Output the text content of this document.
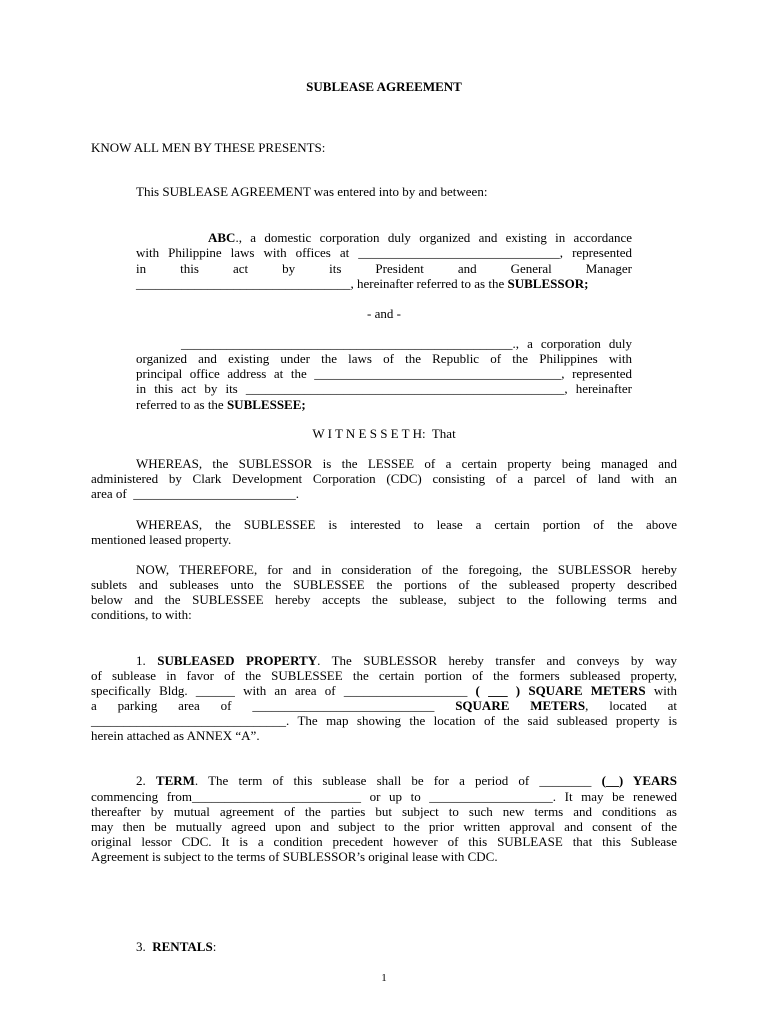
SUBLEASE AGREEMENT
KNOW ALL MEN BY THESE PRESENTS:
This SUBLEASE AGREEMENT was entered into by and between:
ABC., a domestic corporation duly organized and existing in accordance
with Philippine laws with offices at _______________________________, represented
in this act by its President and General Manager
_________________________________, hereinafter referred to as the SUBLESSOR;
- and -
___________________________________________________., a corporation duly
organized and existing under the laws of the Republic of the Philippines with
principal office address at the ______________________________________, represented
in this act by its _________________________________________________, hereinafter
referred to as the SUBLESSEE;
W I T N E S S E T H:  That
WHEREAS, the SUBLESSOR is the LESSEE of a certain property being managed and
administered by Clark Development Corporation (CDC) consisting of a parcel of land with an
area of  _________________________.
WHEREAS, the SUBLESSEE is interested to lease a certain portion of the above
mentioned leased property.
NOW, THEREFORE, for and in consideration of the foregoing, the SUBLESSOR hereby
sublets and subleases unto the SUBLESSEE the portions of the subleased property described
below and the SUBLESSEE hereby accepts the sublease, subject to the following terms and
conditions, to with:
1. SUBLEASED PROPERTY. The SUBLESSOR hereby transfer and conveys by way
of sublease in favor of the SUBLESSEE the certain portion of the formers subleased property,
specifically Bldg. ______ with an area of ___________________ ( ___ ) SQUARE METERS with
a parking area of ____________________________ SQUARE METERS, located at
______________________________. The map showing the location of the said subleased property is
herein attached as ANNEX “A”.
2. TERM. The term of this sublease shall be for a period of ________ (__) YEARS
commencing from__________________________ or up to ___________________. It may be renewed
thereafter by mutual agreement of the parties but subject to such new terms and conditions as
may then be mutually agreed upon and subject to the prior written approval and consent of the
original lessor CDC. It is a condition precedent however of this SUBLEASE that this Sublease
Agreement is subject to the terms of SUBLESSOR’s original lease with CDC.
3. RENTALS:
1
